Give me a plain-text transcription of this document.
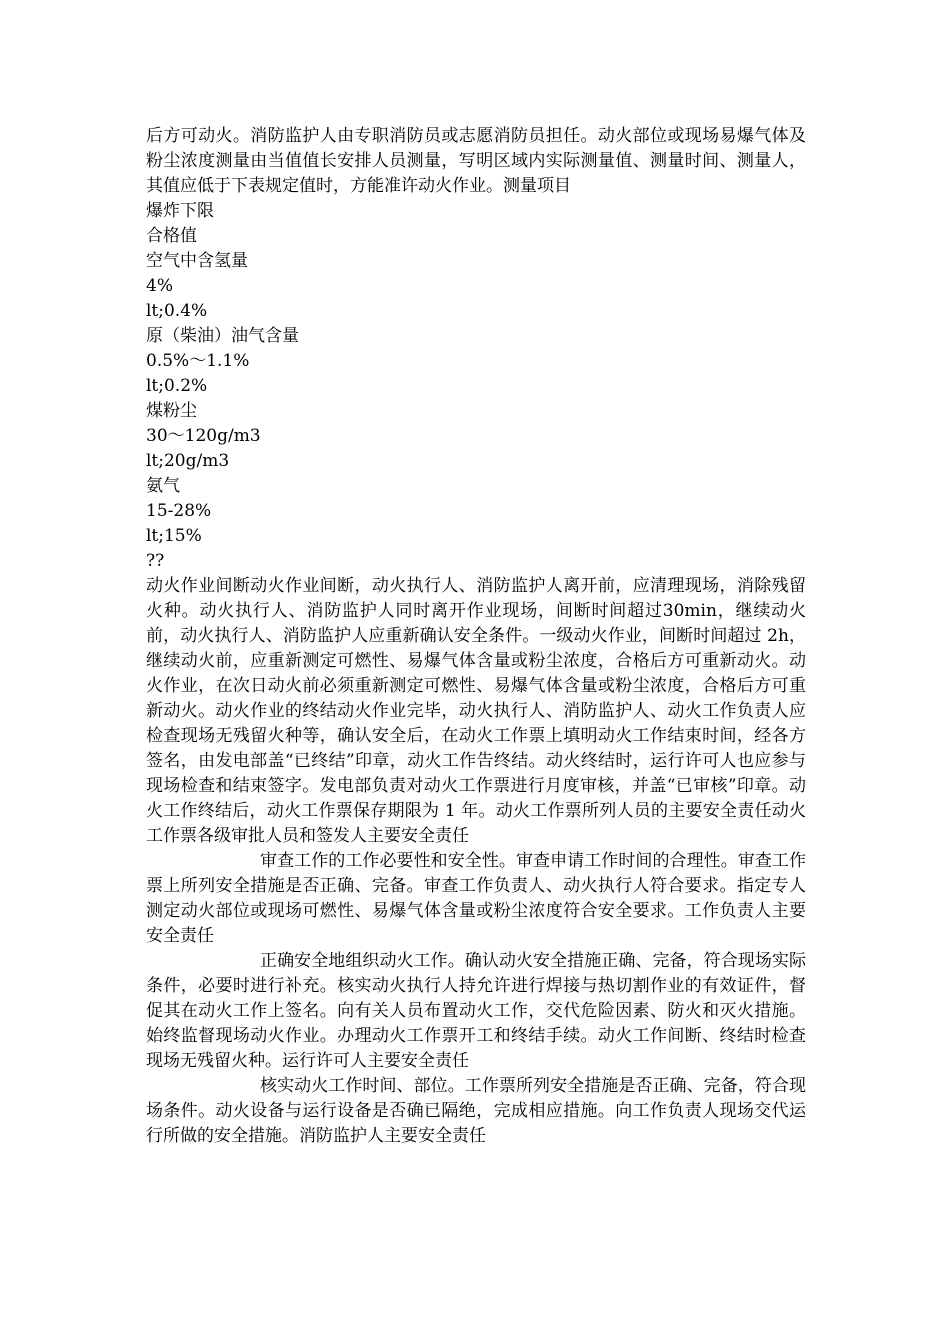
后方可动火。消防监护人由专职消防员或志愿消防员担任。动火部位或现场易爆气体及粉尘浓度测量由当值值长安排人员测量，写明区域内实际测量值、测量时间、测量人，其值应低于下表规定值时，方能准许动火作业。测量项目

爆炸下限

合格值

空气中含氢量

4%

lt;0.4%

原（柴油）油气含量

0.5%～1.1%

lt;0.2%

煤粉尘

30～120g/m3

lt;20g/m3

氨气

15-28%

lt;15%

??

动火作业间断动火作业间断，动火执行人、消防监护人离开前，应清理现场，消除残留火种。动火执行人、消防监护人同时离开作业现场，间断时间超过30min，继续动火前，动火执行人、消防监护人应重新确认安全条件。一级动火作业，间断时间超过 2h，继续动火前，应重新测定可燃性、易爆气体含量或粉尘浓度，合格后方可重新动火。动火作业，在次日动火前必须重新测定可燃性、易爆气体含量或粉尘浓度，合格后方可重新动火。动火作业的终结动火作业完毕，动火执行人、消防监护人、动火工作负责人应检查现场无残留火种等，确认安全后，在动火工作票上填明动火工作结束时间，经各方签名，由发电部盖“已终结”印章，动火工作告终结。动火终结时，运行许可人也应参与现场检查和结束签字。发电部负责对动火工作票进行月度审核，并盖“已审核”印章。动火工作终结后，动火工作票保存期限为 1 年。动火工作票所列人员的主要安全责任动火工作票各级审批人员和签发人主要安全责任

审查工作的工作必要性和安全性。审查申请工作时间的合理性。审查工作票上所列安全措施是否正确、完备。审查工作负责人、动火执行人符合要求。指定专人测定动火部位或现场可燃性、易爆气体含量或粉尘浓度符合安全要求。工作负责人主要安全责任

正确安全地组织动火工作。确认动火安全措施正确、完备，符合现场实际条件，必要时进行补充。核实动火执行人持允许进行焊接与热切割作业的有效证件，督促其在动火工作上签名。向有关人员布置动火工作，交代危险因素、防火和灭火措施。始终监督现场动火作业。办理动火工作票开工和终结手续。动火工作间断、终结时检查现场无残留火种。运行许可人主要安全责任

核实动火工作时间、部位。工作票所列安全措施是否正确、完备，符合现场条件。动火设备与运行设备是否确已隔绝，完成相应措施。向工作负责人现场交代运行所做的安全措施。消防监护人主要安全责任
